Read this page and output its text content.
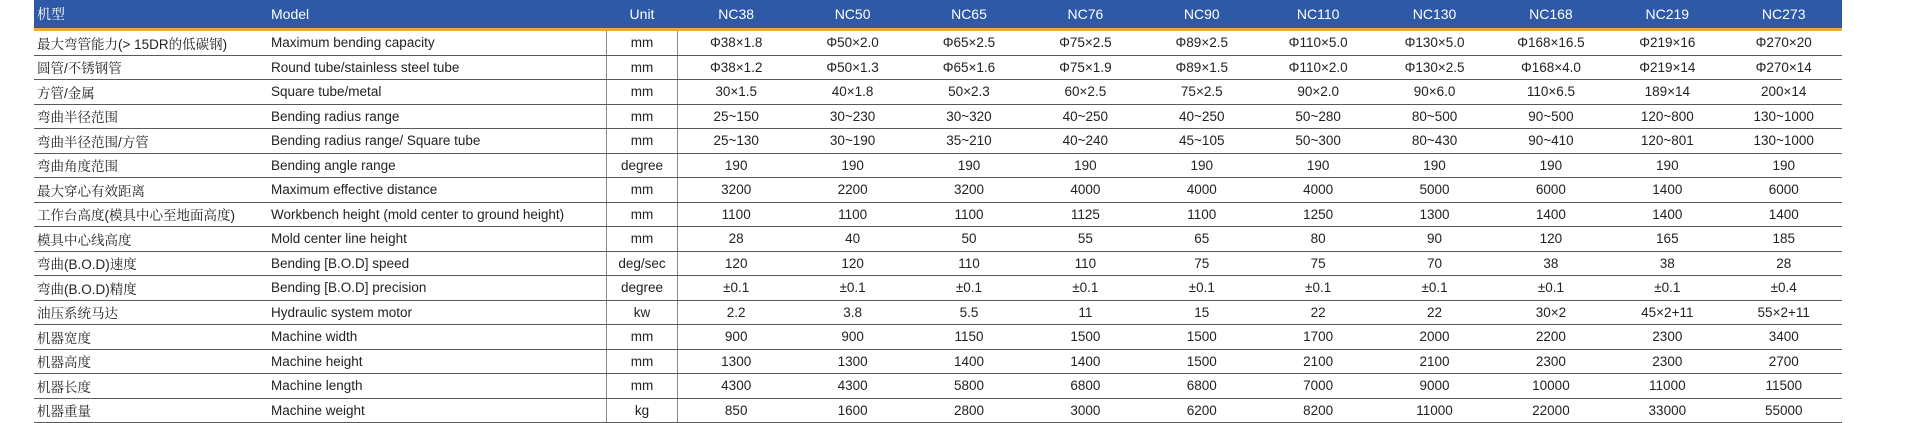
机型	Model	Unit	NC38	NC50	NC65	NC76	NC90	NC110	NC130	NC168	NC219	NC273
最大弯管能力(> 15DR的低碳钢)	Maximum bending capacity	mm	Φ38×1.8	Φ50×2.0	Φ65×2.5	Φ75×2.5	Φ89×2.5	Φ110×5.0	Φ130×5.0	Φ168×16.5	Φ219×16	Φ270×20
圆管/不锈钢管	Round tube/stainless steel tube	mm	Φ38×1.2	Φ50×1.3	Φ65×1.6	Φ75×1.9	Φ89×1.5	Φ110×2.0	Φ130×2.5	Φ168×4.0	Φ219×14	Φ270×14
方管/金属	Square tube/metal	mm	30×1.5	40×1.8	50×2.3	60×2.5	75×2.5	90×2.0	90×6.0	110×6.5	189×14	200×14
弯曲半径范围	Bending radius range	mm	25~150	30~230	30~320	40~250	40~250	50~280	80~500	90~500	120~800	130~1000
弯曲半径范围/方管	Bending radius range/ Square tube	mm	25~130	30~190	35~210	40~240	45~105	50~300	80~430	90~410	120~801	130~1000
弯曲角度范围	Bending angle range	degree	190	190	190	190	190	190	190	190	190	190
最大穿心有效距离	Maximum effective distance	mm	3200	2200	3200	4000	4000	4000	5000	6000	1400	6000
工作台高度(模具中心至地面高度)	Workbench height (mold center to ground height)	mm	1100	1100	1100	1125	1100	1250	1300	1400	1400	1400
模具中心线高度	Mold center line height	mm	28	40	50	55	65	80	90	120	165	185
弯曲(B.O.D)速度	Bending [B.O.D] speed	deg/sec	120	120	110	110	75	75	70	38	38	28
弯曲(B.O.D)精度	Bending [B.O.D] precision	degree	±0.1	±0.1	±0.1	±0.1	±0.1	±0.1	±0.1	±0.1	±0.1	±0.4
油压系统马达	Hydraulic system motor	kw	2.2	3.8	5.5	11	15	22	22	30×2	45×2+11	55×2+11
机器宽度	Machine width	mm	900	900	1150	1500	1500	1700	2000	2200	2300	3400
机器高度	Machine height	mm	1300	1300	1400	1400	1500	2100	2100	2300	2300	2700
机器长度	Machine length	mm	4300	4300	5800	6800	6800	7000	9000	10000	11000	11500
机器重量	Machine weight	kg	850	1600	2800	3000	6200	8200	11000	22000	33000	55000
